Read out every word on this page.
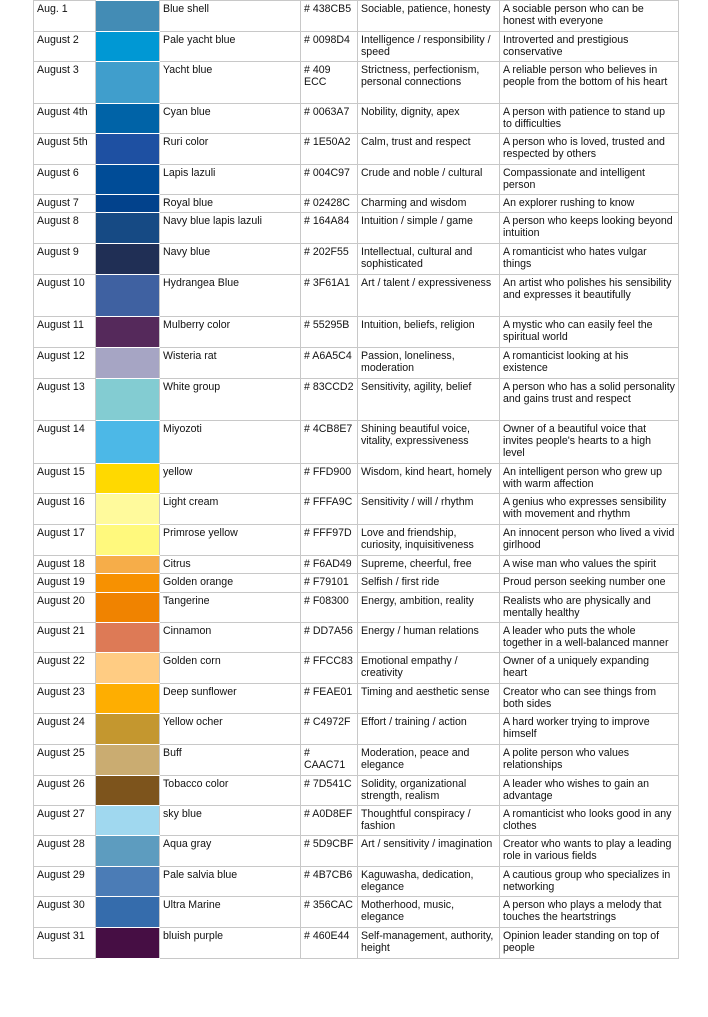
Aug. 1		Blue shell	# 438CB5	Sociable, patience, honesty	A sociable person who can be honest with everyone
August 2		Pale yacht blue	# 0098D4	Intelligence / responsibility / speed	Introverted and prestigious conservative
August 3		Yacht blue	# 409 ECC	Strictness, perfectionism, personal connections	A reliable person who believes in people from the bottom of his heart
August 4th		Cyan blue	# 0063A7	Nobility, dignity, apex	A person with patience to stand up to difficulties
August 5th		Ruri color	# 1E50A2	Calm, trust and respect	A person who is loved, trusted and respected by others
August 6		Lapis lazuli	# 004C97	Crude and noble / cultural	Compassionate and intelligent person
August 7		Royal blue	# 02428C	Charming and wisdom	An explorer rushing to know
August 8		Navy blue lapis lazuli	# 164A84	Intuition / simple / game	A person who keeps looking beyond intuition
August 9		Navy blue	# 202F55	Intellectual, cultural and sophisticated	A romanticist who hates vulgar things
August 10		Hydrangea Blue	# 3F61A1	Art / talent / expressiveness	An artist who polishes his sensibility and expresses it beautifully
August 11		Mulberry color	# 55295B	Intuition, beliefs, religion	A mystic who can easily feel the spiritual world
August 12		Wisteria rat	# A6A5C4	Passion, loneliness, moderation	A romanticist looking at his existence
August 13		White group	# 83CCD2	Sensitivity, agility, belief	A person who has a solid personality and gains trust and respect
August 14		Miyozoti	# 4CB8E7	Shining beautiful voice, vitality, expressiveness	Owner of a beautiful voice that invites people's hearts to a high level
August 15		yellow	# FFD900	Wisdom, kind heart, homely	An intelligent person who grew up with warm affection
August 16		Light cream	# FFFA9C	Sensitivity / will / rhythm	A genius who expresses sensibility with movement and rhythm
August 17		Primrose yellow	# FFF97D	Love and friendship, curiosity, inquisitiveness	An innocent person who lived a vivid girlhood
August 18		Citrus	# F6AD49	Supreme, cheerful, free	A wise man who values the spirit
August 19		Golden orange	# F79101	Selfish / first ride	Proud person seeking number one
August 20		Tangerine	# F08300	Energy, ambition, reality	Realists who are physically and mentally healthy
August 21		Cinnamon	# DD7A56	Energy / human relations	A leader who puts the whole together in a well-balanced manner
August 22		Golden corn	# FFCC83	Emotional empathy / creativity	Owner of a uniquely expanding heart
August 23		Deep sunflower	# FEAE01	Timing and aesthetic sense	Creator who can see things from both sides
August 24		Yellow ocher	# C4972F	Effort / training / action	A hard worker trying to improve himself
August 25		Buff	# CAAC71	Moderation, peace and elegance	A polite person who values relationships
August 26		Tobacco color	# 7D541C	Solidity, organizational strength, realism	A leader who wishes to gain an advantage
August 27		sky blue	# A0D8EF	Thoughtful conspiracy / fashion	A romanticist who looks good in any clothes
August 28		Aqua gray	# 5D9CBF	Art / sensitivity / imagination	Creator who wants to play a leading role in various fields
August 29		Pale salvia blue	# 4B7CB6	Kaguwasha, dedication, elegance	A cautious group who specializes in networking
August 30		Ultra Marine	# 356CAC	Motherhood, music, elegance	A person who plays a melody that touches the heartstrings
August 31		bluish purple	# 460E44	Self-management, authority, height	Opinion leader standing on top of people
